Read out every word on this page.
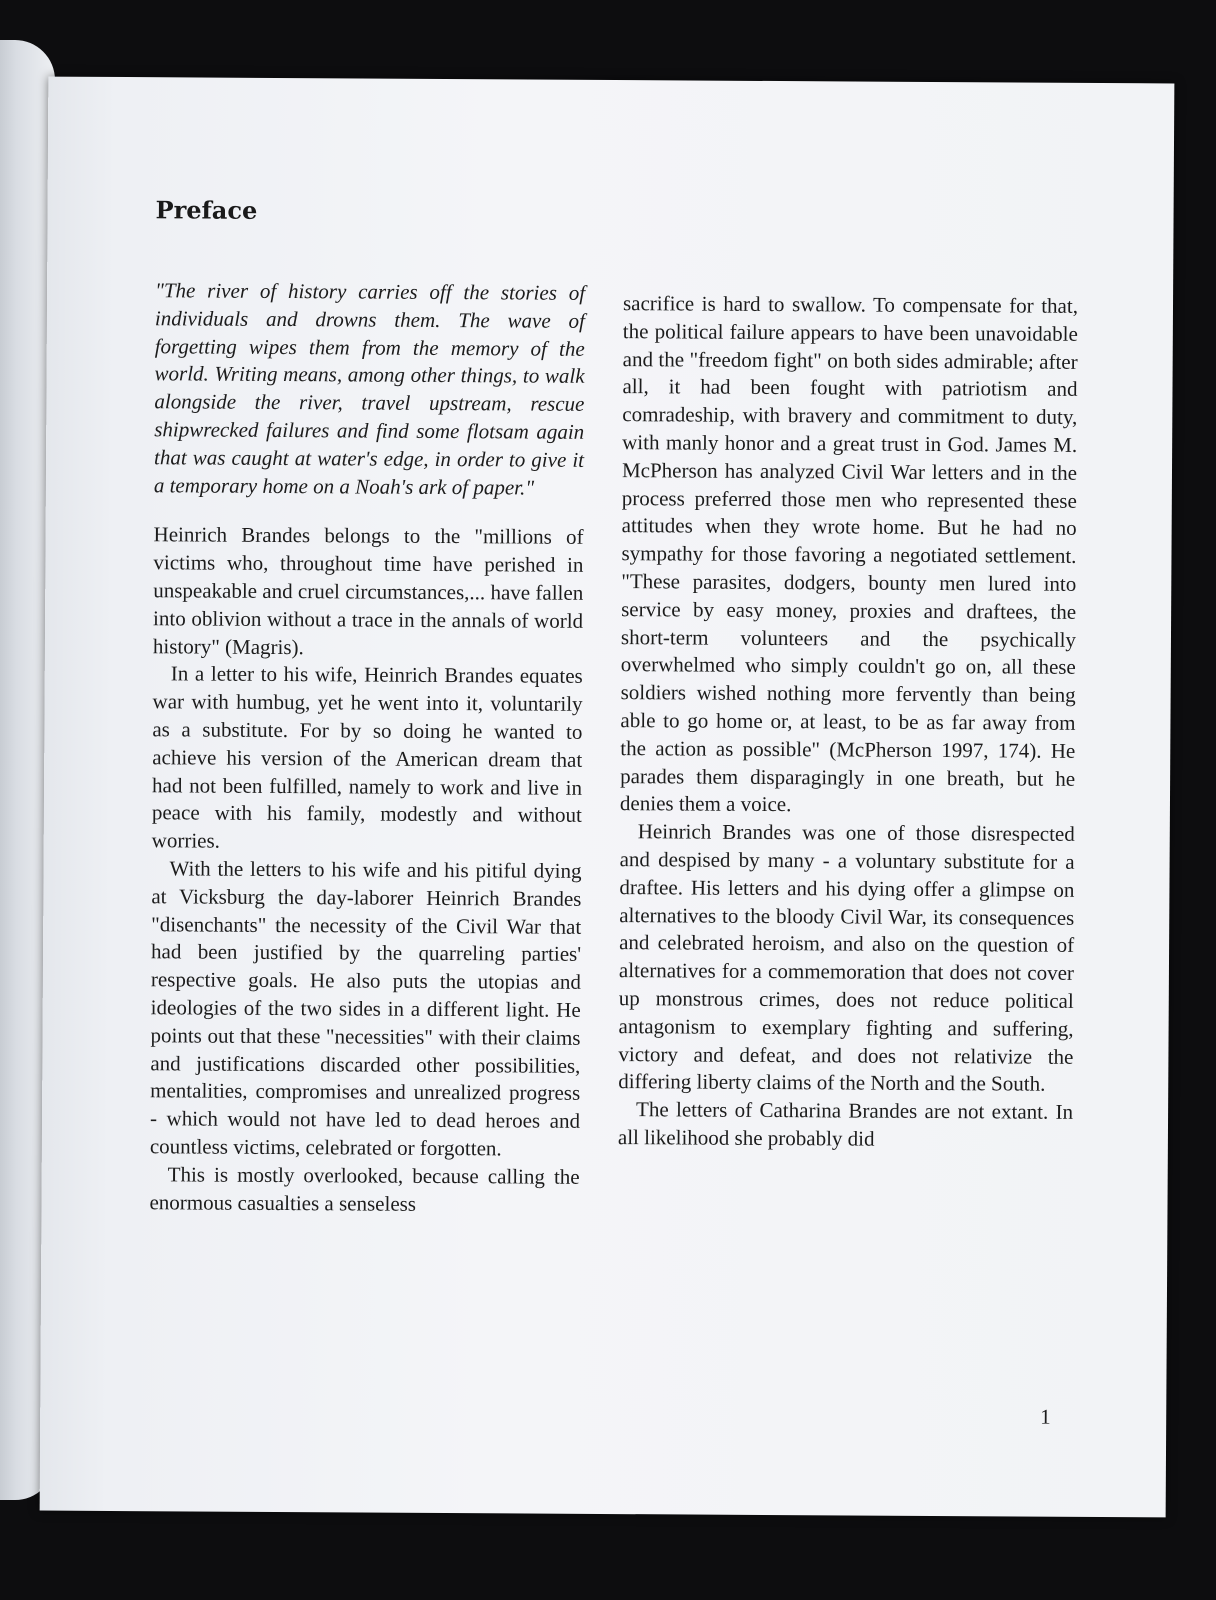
Preface

"The river of history carries off the stories of individuals and drowns them. The wave of forgetting wipes them from the memory of the world. Writing means, among other things, to walk alongside the river, travel upstream, rescue shipwrecked failures and find some flotsam again that was caught at water's edge, in order to give it a temporary home on a Noah's ark of paper."

Heinrich Brandes belongs to the "millions of victims who, throughout time have perished in unspeakable and cruel circumstances,... have fallen into oblivion without a trace in the annals of world history" (Magris).

In a letter to his wife, Heinrich Brandes equates war with humbug, yet he went into it, voluntarily as a substitute. For by so doing he wanted to achieve his version of the American dream that had not been fulfilled, namely to work and live in peace with his family, modestly and without worries.

With the letters to his wife and his pitiful dying at Vicksburg the day-laborer Heinrich Brandes "disenchants" the necessity of the Civil War that had been justified by the quarreling parties' respective goals. He also puts the utopias and ideologies of the two sides in a different light. He points out that these "necessities" with their claims and justifications discarded other possibilities, mentalities, compromises and unrealized progress - which would not have led to dead heroes and countless victims, celebrated or forgotten.

This is mostly overlooked, because calling the enormous casualties a senseless

sacrifice is hard to swallow. To compensate for that, the political failure appears to have been unavoidable and the "freedom fight" on both sides admirable; after all, it had been fought with patriotism and comradeship, with bravery and commitment to duty, with manly honor and a great trust in God. James M. McPherson has analyzed Civil War letters and in the process preferred those men who represented these attitudes when they wrote home. But he had no sympathy for those favoring a negotiated settlement. "These parasites, dodgers, bounty men lured into service by easy money, proxies and draftees, the short-term volunteers and the psychically overwhelmed who simply couldn't go on, all these soldiers wished nothing more fervently than being able to go home or, at least, to be as far away from the action as possible" (McPherson 1997, 174). He parades them disparagingly in one breath, but he denies them a voice.

Heinrich Brandes was one of those disrespected and despised by many - a voluntary substitute for a draftee. His letters and his dying offer a glimpse on alternatives to the bloody Civil War, its consequences and celebrated heroism, and also on the question of alternatives for a commemoration that does not cover up monstrous crimes, does not reduce political antagonism to exemplary fighting and suffering, victory and defeat, and does not relativize the differing liberty claims of the North and the South.

The letters of Catharina Brandes are not extant. In all likelihood she probably did

1
